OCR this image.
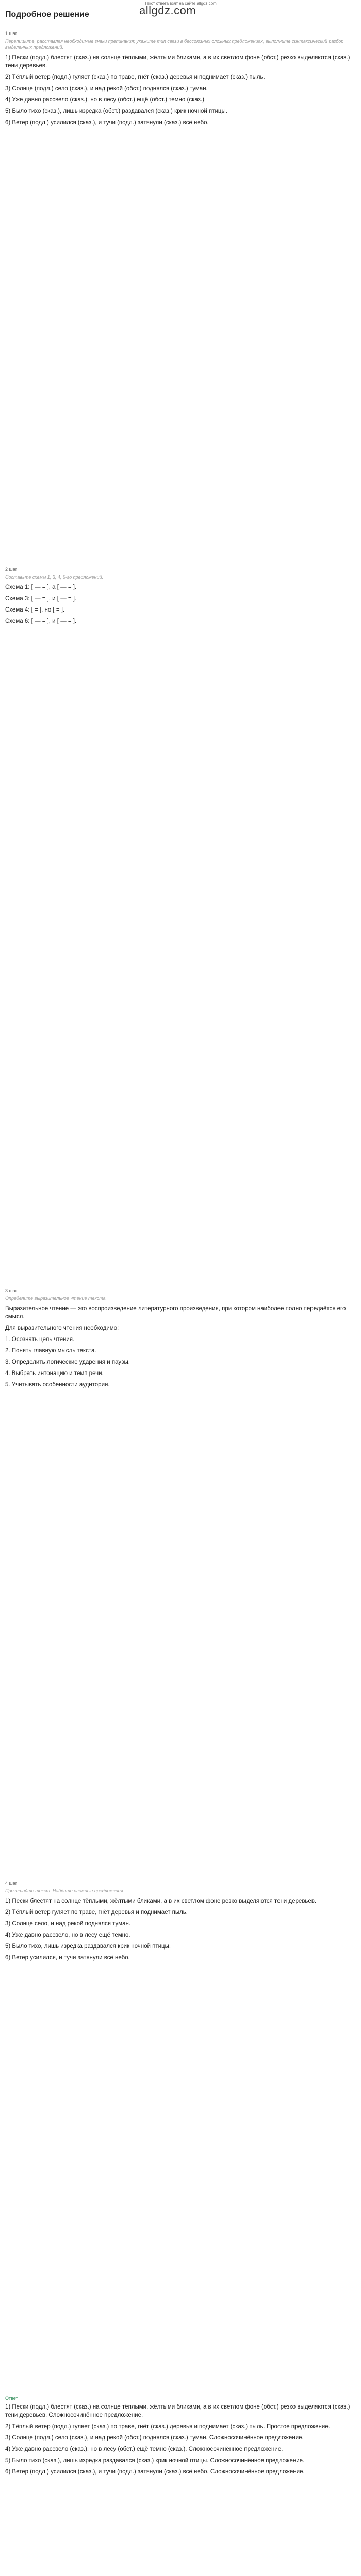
Текст ответа взят на сайте allgdz.com
Подробное решение	allgdz.com
1 шаг
Перепишите, расставляя необходимые знаки препинания; укажите тип связи в бессоюзных сложных предложениях; выполните синтаксический разбор выделенных предложений.
1) Пески (подл.) блестят (сказ.) на солнце тёплыми, жёлтыми бликами, а в их светлом фоне (обст.) резко выделяются (сказ.) тени деревьев.
2) Тёплый ветер (подл.) гуляет (сказ.) по траве, гнёт (сказ.) деревья и поднимает (сказ.) пыль.
3) Солнце (подл.) село (сказ.), и над рекой (обст.) поднялся (сказ.) туман.
4) Уже давно рассвело (сказ.), но в лесу (обст.) ещё (обст.) темно (сказ.).
5) Было тихо (сказ.), лишь изредка (обст.) раздавался (сказ.) крик ночной птицы.
6) Ветер (подл.) усилился (сказ.), и тучи (подл.) затянули (сказ.) всё небо.
2 шаг
Составьте схемы 1, 3, 4, 6-го предложений.
Схема 1: [ — = ], а [ — = ].
Схема 3: [ — = ], и [ — = ].
Схема 4: [ = ], но [ = ].
Схема 6: [ — = ], и [ — = ].
3 шаг
Определите выразительное чтение текста.
Выразительное чтение — это воспроизведение литературного произведения, при котором наиболее полно передаётся его смысл.
Для выразительного чтения необходимо:
1. Осознать цель чтения.
2. Понять главную мысль текста.
3. Определить логические ударения и паузы.
4. Выбрать интонацию и темп речи.
5. Учитывать особенности аудитории.
4 шаг
Прочитайте текст. Найдите сложные предложения.
1) Пески блестят на солнце тёплыми, жёлтыми бликами, а в их светлом фоне резко выделяются тени деревьев.
2) Тёплый ветер гуляет по траве, гнёт деревья и поднимает пыль.
3) Солнце село, и над рекой поднялся туман.
4) Уже давно рассвело, но в лесу ещё темно.
5) Было тихо, лишь изредка раздавался крик ночной птицы.
6) Ветер усилился, и тучи затянули всё небо.
Ответ
1) Пески (подл.) блестят (сказ.) на солнце тёплыми, жёлтыми бликами, а в их светлом фоне (обст.) резко выделяются (сказ.) тени деревьев. Сложносочинённое предложение.
2) Тёплый ветер (подл.) гуляет (сказ.) по траве, гнёт (сказ.) деревья и поднимает (сказ.) пыль. Простое предложение.
3) Солнце (подл.) село (сказ.), и над рекой (обст.) поднялся (сказ.) туман. Сложносочинённое предложение.
4) Уже давно рассвело (сказ.), но в лесу (обст.) ещё темно (сказ.). Сложносочинённое предложение.
5) Было тихо (сказ.), лишь изредка раздавался (сказ.) крик ночной птицы. Сложносочинённое предложение.
6) Ветер (подл.) усилился (сказ.), и тучи (подл.) затянули (сказ.) всё небо. Сложносочинённое предложение.
